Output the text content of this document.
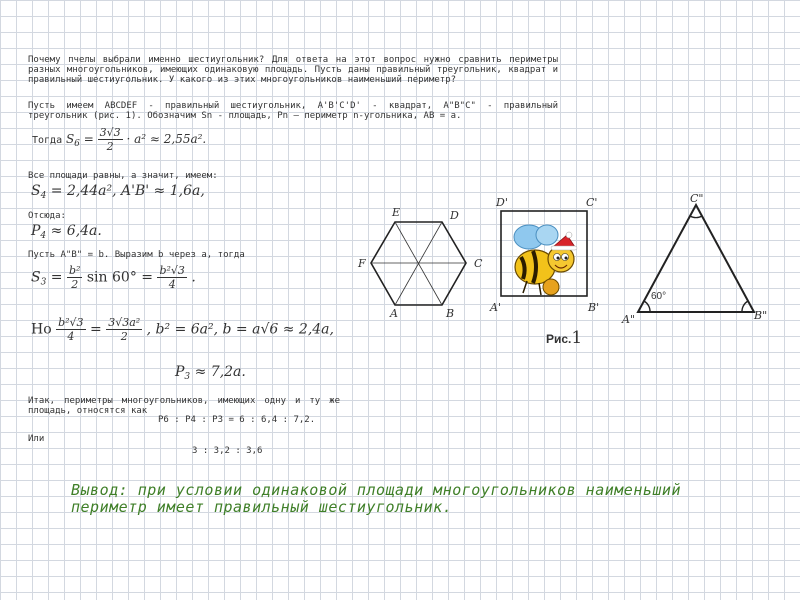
Почему пчелы выбрали именно шестиугольник? Для ответа на этот вопрос нужно сравнить периметры разных многоугольников, имеющих одинаковую площадь. Пусть даны правильный треугольник, квадрат и правильный шестиугольник. У какого из этих многоугольников наименьший периметр?
Пусть имеем ABCDEF - правильный шестиугольник, A'B'C'D' - квадрат, A"B"C" - правильный треугольник (рис. 1). Обозначим Sn - площадь, Pn – периметр n-угольника, AB = a.
Тогда $S_6 = \frac{3√3}{2} \cdot a^2 \approx 2,55a^2$.
Все площади равны, а значит, имеем:
$S_4 = 2,44a^2$, A'B' ≈ 1,6a,
Отсюда:
$P_4 \approx 6,4a$.
Пусть A"B" = b. Выразим b через a, тогда
$S_3 = \frac{\text{b²}}{2}$ $\sin 60^\circ = \frac{\text{b²√3}}{4}$ .
Но $\frac{\text{b²√3}}{4} = \frac{\text{3√3a²}}{2}$ , b² = 6a², b = a√6 ≈ 2,4a,
$P_3 \approx 7,2a$.
Итак, периметры многоугольников, имеющих одну и ту же площадь, относятся как
P6 : P4 : P3 = 6 : 6,4 : 7,2.
Или
3 : 3,2 : 3,6
E	D
F	C
A	B
D'	C'
A'	B'
C"
A"	B"
60°
Рис.1
Вывод: при условии одинаковой площади многоугольников наименьший периметр имеет правильный шестиугольник.
